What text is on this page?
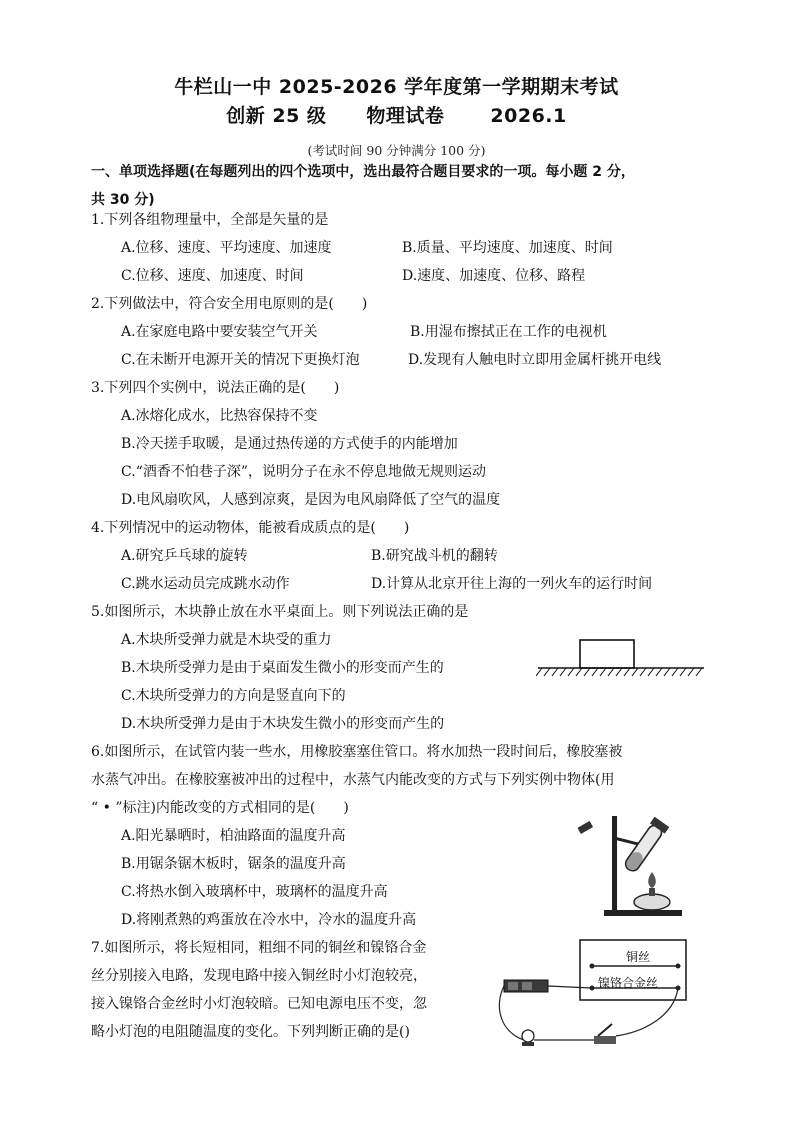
牛栏山一中 2025-2026 学年度第一学期期末考试
创新 25 级 物理试卷 2026.1
(考试时间 90 分钟满分 100 分)
一、单项选择题(在每题列出的四个选项中，选出最符合题目要求的一项。每小题 2 分，
共 30 分)
1.下列各组物理量中，全部是矢量的是
A.位移、速度、平均速度、加速度	B.质量、平均速度、加速度、时间
C.位移、速度、加速度、时间	D.速度、加速度、位移、路程
2.下列做法中，符合安全用电原则的是(　　)
A.在家庭电路中要安装空气开关	B.用湿布擦拭正在工作的电视机
C.在未断开电源开关的情况下更换灯泡	D.发现有人触电时立即用金属杆挑开电线
3.下列四个实例中，说法正确的是(　　)
A.冰熔化成水，比热容保持不变
B.冷天搓手取暖，是通过热传递的方式使手的内能增加
C.“酒香不怕巷子深”，说明分子在永不停息地做无规则运动
D.电风扇吹风，人感到凉爽，是因为电风扇降低了空气的温度
4.下列情况中的运动物体，能被看成质点的是(　　)
A.研究乒乓球的旋转	B.研究战斗机的翻转
C.跳水运动员完成跳水动作	D.计算从北京开往上海的一列火车的运行时间
5.如图所示，木块静止放在水平桌面上。则下列说法正确的是
A.木块所受弹力就是木块受的重力
B.木块所受弹力是由于桌面发生微小的形变而产生的
C.木块所受弹力的方向是竖直向下的
D.木块所受弹力是由于木块发生微小的形变而产生的
6.如图所示，在试管内装一些水，用橡胶塞塞住管口。将水加热一段时间后，橡胶塞被
水蒸气冲出。在橡胶塞被冲出的过程中，水蒸气内能改变的方式与下列实例中物体(用
“ • ”标注)内能改变的方式相同的是(　　)
A.阳光暴晒时，柏油路面的温度升高
B.用锯条锯木板时，锯条的温度升高
C.将热水倒入玻璃杯中，玻璃杯的温度升高
D.将刚煮熟的鸡蛋放在冷水中，冷水的温度升高
7.如图所示，将长短相同，粗细不同的铜丝和镍铬合金
丝分别接入电路，发现电路中接入铜丝时小灯泡较亮，
接入镍铬合金丝时小灯泡较暗。已知电源电压不变，忽
略小灯泡的电阻随温度的变化。下列判断正确的是()
铜丝
镍铬合金丝
